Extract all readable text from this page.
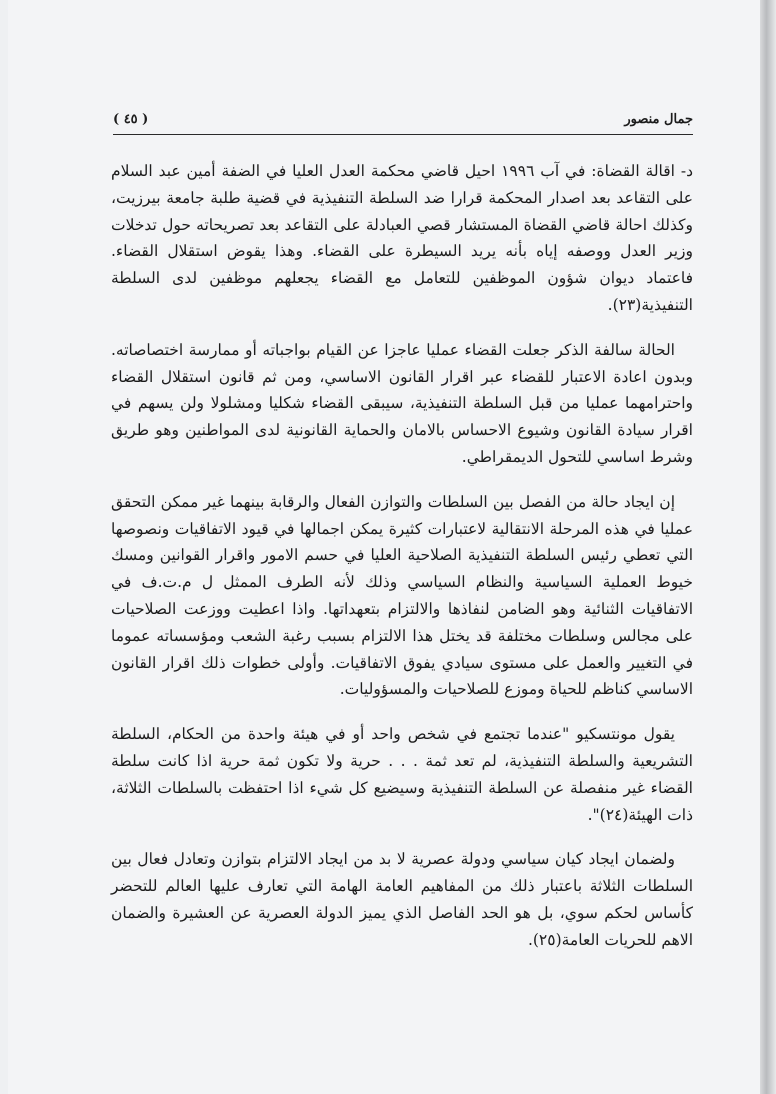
جمال منصور
( ٤٥ )

د- اقالة القضاة: في آب ١٩٩٦ احيل قاضي محكمة العدل العليا في الضفة أمين عبد السلام على التقاعد بعد اصدار المحكمة قرارا ضد السلطة التنفيذية في قضية طلبة جامعة بيرزيت، وكذلك احالة قاضي القضاة المستشار قصي العبادلة على التقاعد بعد تصريحاته حول تدخلات وزير العدل ووصفه إياه بأنه يريد السيطرة على القضاء. وهذا يقوض استقلال القضاء. فاعتماد ديوان شؤون الموظفين للتعامل مع القضاء يجعلهم موظفين لدى السلطة التنفيذية(٢٣).

الحالة سالفة الذكر جعلت القضاء عمليا عاجزا عن القيام بواجباته أو ممارسة اختصاصاته. وبدون اعادة الاعتبار للقضاء عبر اقرار القانون الاساسي، ومن ثم قانون استقلال القضاء واحترامهما عمليا من قبل السلطة التنفيذية، سيبقى القضاء شكليا ومشلولا ولن يسهم في اقرار سيادة القانون وشيوع الاحساس بالامان والحماية القانونية لدى المواطنين وهو طريق وشرط اساسي للتحول الديمقراطي.

إن ايجاد حالة من الفصل بين السلطات والتوازن الفعال والرقابة بينهما غير ممكن التحقق عمليا في هذه المرحلة الانتقالية لاعتبارات كثيرة يمكن اجمالها في قيود الاتفاقيات ونصوصها التي تعطي رئيس السلطة التنفيذية الصلاحية العليا في حسم الامور واقرار القوانين ومسك خيوط العملية السياسية والنظام السياسي وذلك لأنه الطرف الممثل ل م.ت.ف في الاتفاقيات الثنائية وهو الضامن لنفاذها والالتزام بتعهداتها. واذا اعطيت ووزعت الصلاحيات على مجالس وسلطات مختلفة قد يختل هذا الالتزام بسبب رغبة الشعب ومؤسساته عموما في التغيير والعمل على مستوى سيادي يفوق الاتفاقيات. وأولى خطوات ذلك اقرار القانون الاساسي كناظم للحياة وموزع للصلاحيات والمسؤوليات.

يقول مونتسكيو "عندما تجتمع في شخص واحد أو في هيئة واحدة من الحكام، السلطة التشريعية والسلطة التنفيذية، لم تعد ثمة . . . حرية ولا تكون ثمة حرية اذا كانت سلطة القضاء غير منفصلة عن السلطة التنفيذية وسيضيع كل شيء اذا احتفظت بالسلطات الثلاثة، ذات الهيئة(٢٤)".

ولضمان ايجاد كيان سياسي ودولة عصرية لا بد من ايجاد الالتزام بتوازن وتعادل فعال بين السلطات الثلاثة باعتبار ذلك من المفاهيم العامة الهامة التي تعارف عليها العالم للتحضر كأساس لحكم سوي، بل هو الحد الفاصل الذي يميز الدولة العصرية عن العشيرة والضمان الاهم للحريات العامة(٢٥).
